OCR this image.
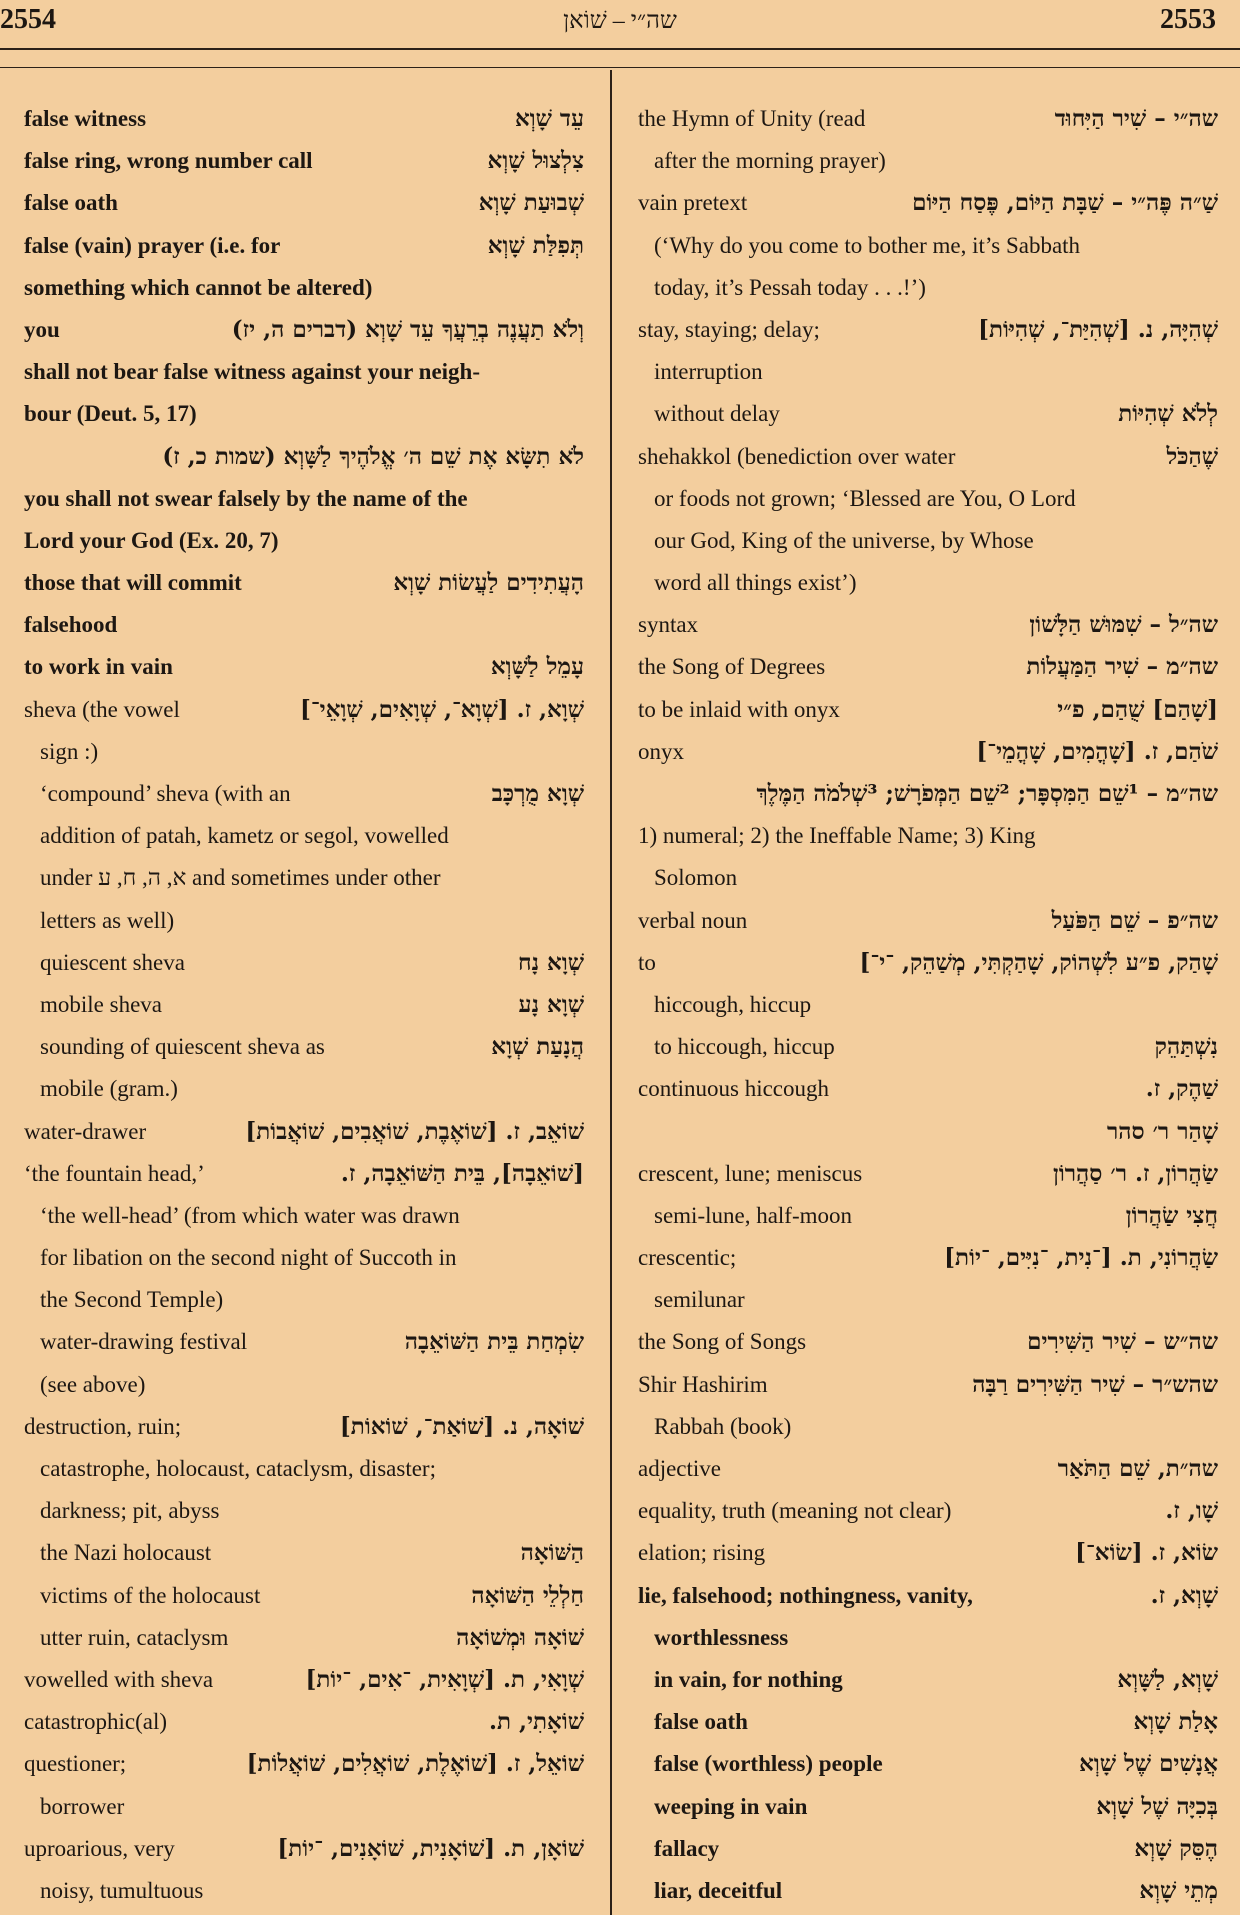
2554	שה״י – שׁוֹאן	2553
false witness	עֵד שָׁוְא
false ring, wrong number call	צִלְצוּל שָׁוְא
false oath	שְׁבוּעַת שָׁוְא
false (vain) prayer (i.e. for	תְּפִלַּת שָׁוְא
something which cannot be altered)
you	וְלֹא תַעֲנֶה בְרֵעֲךָ עֵד שָׁוְא (דברים ה, יז)
shall not bear false witness against your neigh-
bour (Deut. 5, 17)
לֹא תִשָּׂא אֶת שֵׁם ה׳ אֱלֹהֶיךָ לַשָּׁוְא (שמות כ, ז)
you shall not swear falsely by the name of the
Lord your God (Ex. 20, 7)
those that will commit	הָעֲתִידִים לַעֲשׂוֹת שָׁוְא
falsehood
to work in vain	עָמֵל לַשָּׁוְא
sheva (the vowel	שְׁוָא, ז. [שְׁוָא־, שְׁוָאִים, שְׁוָאֵי־]
sign :)
‘compound’ sheva (with an	שְׁוָא מֻרְכָּב
addition of patah, kametz or segol, vowelled
under א, ה, ח, ע and sometimes under other
letters as well)
quiescent sheva	שְׁוָא נָח
mobile sheva	שְׁוָא נָע
sounding of quiescent sheva as	הֲנָעַת שְׁוָא
mobile (gram.)
water-drawer	שׁוֹאֵב, ז. [שׁוֹאֶבֶת, שׁוֹאֲבִים, שׁוֹאֲבוֹת]
‘the fountain head,’	[שׁוֹאֵבָה], בֵּית הַשּׁוֹאֵבָה, ז.
‘the well-head’ (from which water was drawn
for libation on the second night of Succoth in
the Second Temple)
water-drawing festival	שִׂמְחַת בֵּית הַשּׁוֹאֵבָה
(see above)
destruction, ruin;	שׁוֹאָה, נ. [שׁוֹאַת־, שׁוֹאוֹת]
catastrophe, holocaust, cataclysm, disaster;
darkness; pit, abyss
the Nazi holocaust	הַשּׁוֹאָה
victims of the holocaust	חַלְלֵי הַשּׁוֹאָה
utter ruin, cataclysm	שׁוֹאָה וּמְשׁוֹאָה
vowelled with sheva	שְׁוָאִי, ת. [שְׁוָאִית, ־אִים, ־יוֹת]
catastrophic(al)	שׁוֹאָתִי, ת.
questioner;	שׁוֹאֵל, ז. [שׁוֹאֶלֶת, שׁוֹאֲלִים, שׁוֹאֲלוֹת]
borrower
uproarious, very	שׁוֹאָן, ת. [שׁוֹאָנִית, שׁוֹאָנִים, ־יוֹת]
noisy, tumultuous
the Hymn of Unity (read	שה״י – שִׁיר הַיִּחוּד
after the morning prayer)
vain pretext	שַׁ״ה פֶּה״י – שַׁבָּת הַיּוֹם, פֶּסַח הַיּוֹם
(‘Why do you come to bother me, it’s Sabbath
today, it’s Pessah today . . .!’)
stay, staying; delay;	שְׁהִיָּה, נ. [שְׁהִיַּת־, שְׁהִיּוֹת]
interruption
without delay	לְלֹא שְׁהִיּוֹת
shehakkol (benediction over water	שֶׁהַכֹּל
or foods not grown; ‘Blessed are You, O Lord
our God, King of the universe, by Whose
word all things exist’)
syntax	שה״ל – שִׁמּוּשׁ הַלָּשׁוֹן
the Song of Degrees	שה״מ – שִׁיר הַמַּעֲלוֹת
to be inlaid with onyx	[שָׁהַם] שֻׁהַם, פ״י
onyx	שֹׁהַם, ז. [שָׁהֳמִים, שָׁהֳמֵי־]
שה״מ – ¹שֵׁם הַמִּסְפָּר; ²שֵׁם הַמְּפֹרָשׁ; ³שְׁלֹמֹה הַמֶּלֶךְ
1) numeral; 2) the Ineffable Name; 3) King
Solomon
verbal noun	שה״פ – שֵׁם הַפֹּעַל
to	שָׁהַק, פ״ע לִשְׁהוֹק, שָׁהַקְתִּי, מְשַׁהֵק, ־י־]
hiccough, hiccup
to hiccough, hiccup	נִשְׁתַּהֵק
continuous hiccough	שַׁהֶק, ז.
שָׁהַר ר׳ סהר
crescent, lune; meniscus	שַׂהֲרוֹן, ז. ר׳ סַהֲרוֹן
semi-lune, half-moon	חֲצִי שַׂהֲרוֹן
crescentic;	שַׂהֲרוֹנִי, ת. [־נִית, ־נִיִּים, ־יוֹת]
semilunar
the Song of Songs	שה״ש – שִׁיר הַשִּׁירִים
Shir Hashirim	שהש״ר – שִׁיר הַשִּׁירִים רַבָּה
Rabbah (book)
adjective	שה״ת, שֵׁם הַתֹּאַר
equality, truth (meaning not clear)	שָׁו, ז.
elation; rising	שׂוֹא, ז. [שׂוֹא־]
lie, falsehood; nothingness, vanity,	שָׁוְא, ז.
worthlessness
in vain, for nothing	שָׁוְא, לַשָּׁוְא
false oath	אָלַת שָׁוְא
false (worthless) people	אֲנָשִׁים שֶׁל שָׁוְא
weeping in vain	בְּכִיָּה שֶׁל שָׁוְא
fallacy	הֶסֵּק שָׁוְא
liar, deceitful	מְתֵי שָׁוְא
